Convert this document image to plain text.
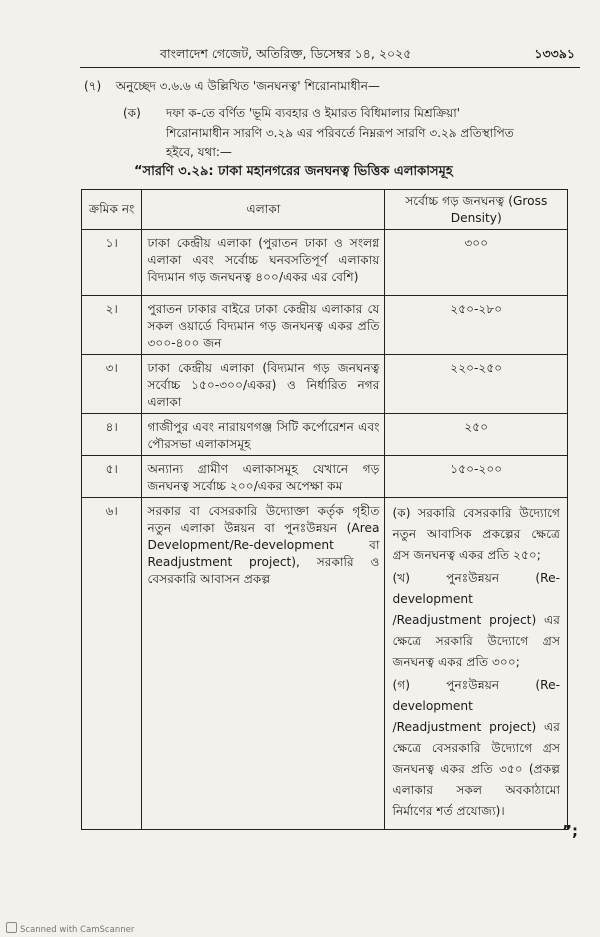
বাংলাদেশ গেজেট, অতিরিক্ত, ডিসেম্বর ১৪, ২০২৫	১৩৩৯১
(৭) অনুচ্ছেদ ৩.৬.৬ এ উল্লিখিত 'জনঘনত্ব' শিরোনামাধীন—
(ক) দফা ক-তে বর্ণিত 'ভূমি ব্যবহার ও ইমারত বিধিমালার মিশ্রক্রিয়া'
শিরোনামাধীন সারণি ৩.২৯ এর পরিবর্তে নিম্নরূপ সারণি ৩.২৯ প্রতিস্থাপিত
হইবে, যথা:—
“সারণি ৩.২৯: ঢাকা মহানগরের জনঘনত্ব ভিত্তিক এলাকাসমূহ
ক্রমিক নং	এলাকা	সর্বোচ্চ গড় জনঘনত্ব (Gross Density)
১।	ঢাকা কেন্দ্রীয় এলাকা (পুরাতন ঢাকা ও সংলগ্ন এলাকা এবং সর্বোচ্চ ঘনবসতিপূর্ণ এলাকায় বিদ্যমান গড় জনঘনত্ব ৪০০/একর এর বেশি)	৩০০
২।	পুরাতন ঢাকার বাইরে ঢাকা কেন্দ্রীয় এলাকার যে সকল ওয়ার্ডে বিদ্যমান গড় জনঘনত্ব একর প্রতি ৩০০-৪০০ জন	২৫০-২৮০
৩।	ঢাকা কেন্দ্রীয় এলাকা (বিদ্যমান গড় জনঘনত্ব সর্বোচ্চ ১৫০-৩০০/একর) ও নির্ধারিত নগর এলাকা	২২০-২৫০
৪।	গাজীপুর এবং নারায়ণগঞ্জ সিটি কর্পোরেশন এবং পৌরসভা এলাকাসমূহ	২৫০
৫।	অন্যান্য গ্রামীণ এলাকাসমূহ যেখানে গড় জনঘনত্ব সর্বোচ্চ ২০০/একর অপেক্ষা কম	১৫০-২০০
৬।	সরকার বা বেসরকারি উদ্যোক্তা কর্তৃক গৃহীত নতুন এলাকা উন্নয়ন বা পুনঃউন্নয়ন (Area Development/Re-development বা Readjustment project), সরকারি ও বেসরকারি আবাসন প্রকল্প	(ক) সরকারি বেসরকারি উদ্যোগে নতুন আবাসিক প্রকল্পের ক্ষেত্রে গ্রস জনঘনত্ব একর প্রতি ২৫০;
(খ) পুনঃউন্নয়ন (Re-development /Readjustment project) এর ক্ষেত্রে সরকারি উদ্যোগে গ্রস জনঘনত্ব একর প্রতি ৩০০;
(গ) পুনঃউন্নয়ন (Re-development /Readjustment project) এর ক্ষেত্রে বেসরকারি উদ্যোগে গ্রস জনঘনত্ব একর প্রতি ৩৫০ (প্রকল্প এলাকার সকল অবকাঠামো নির্মাণের শর্ত প্রযোজ্য)।
”;
Scanned with CamScanner
